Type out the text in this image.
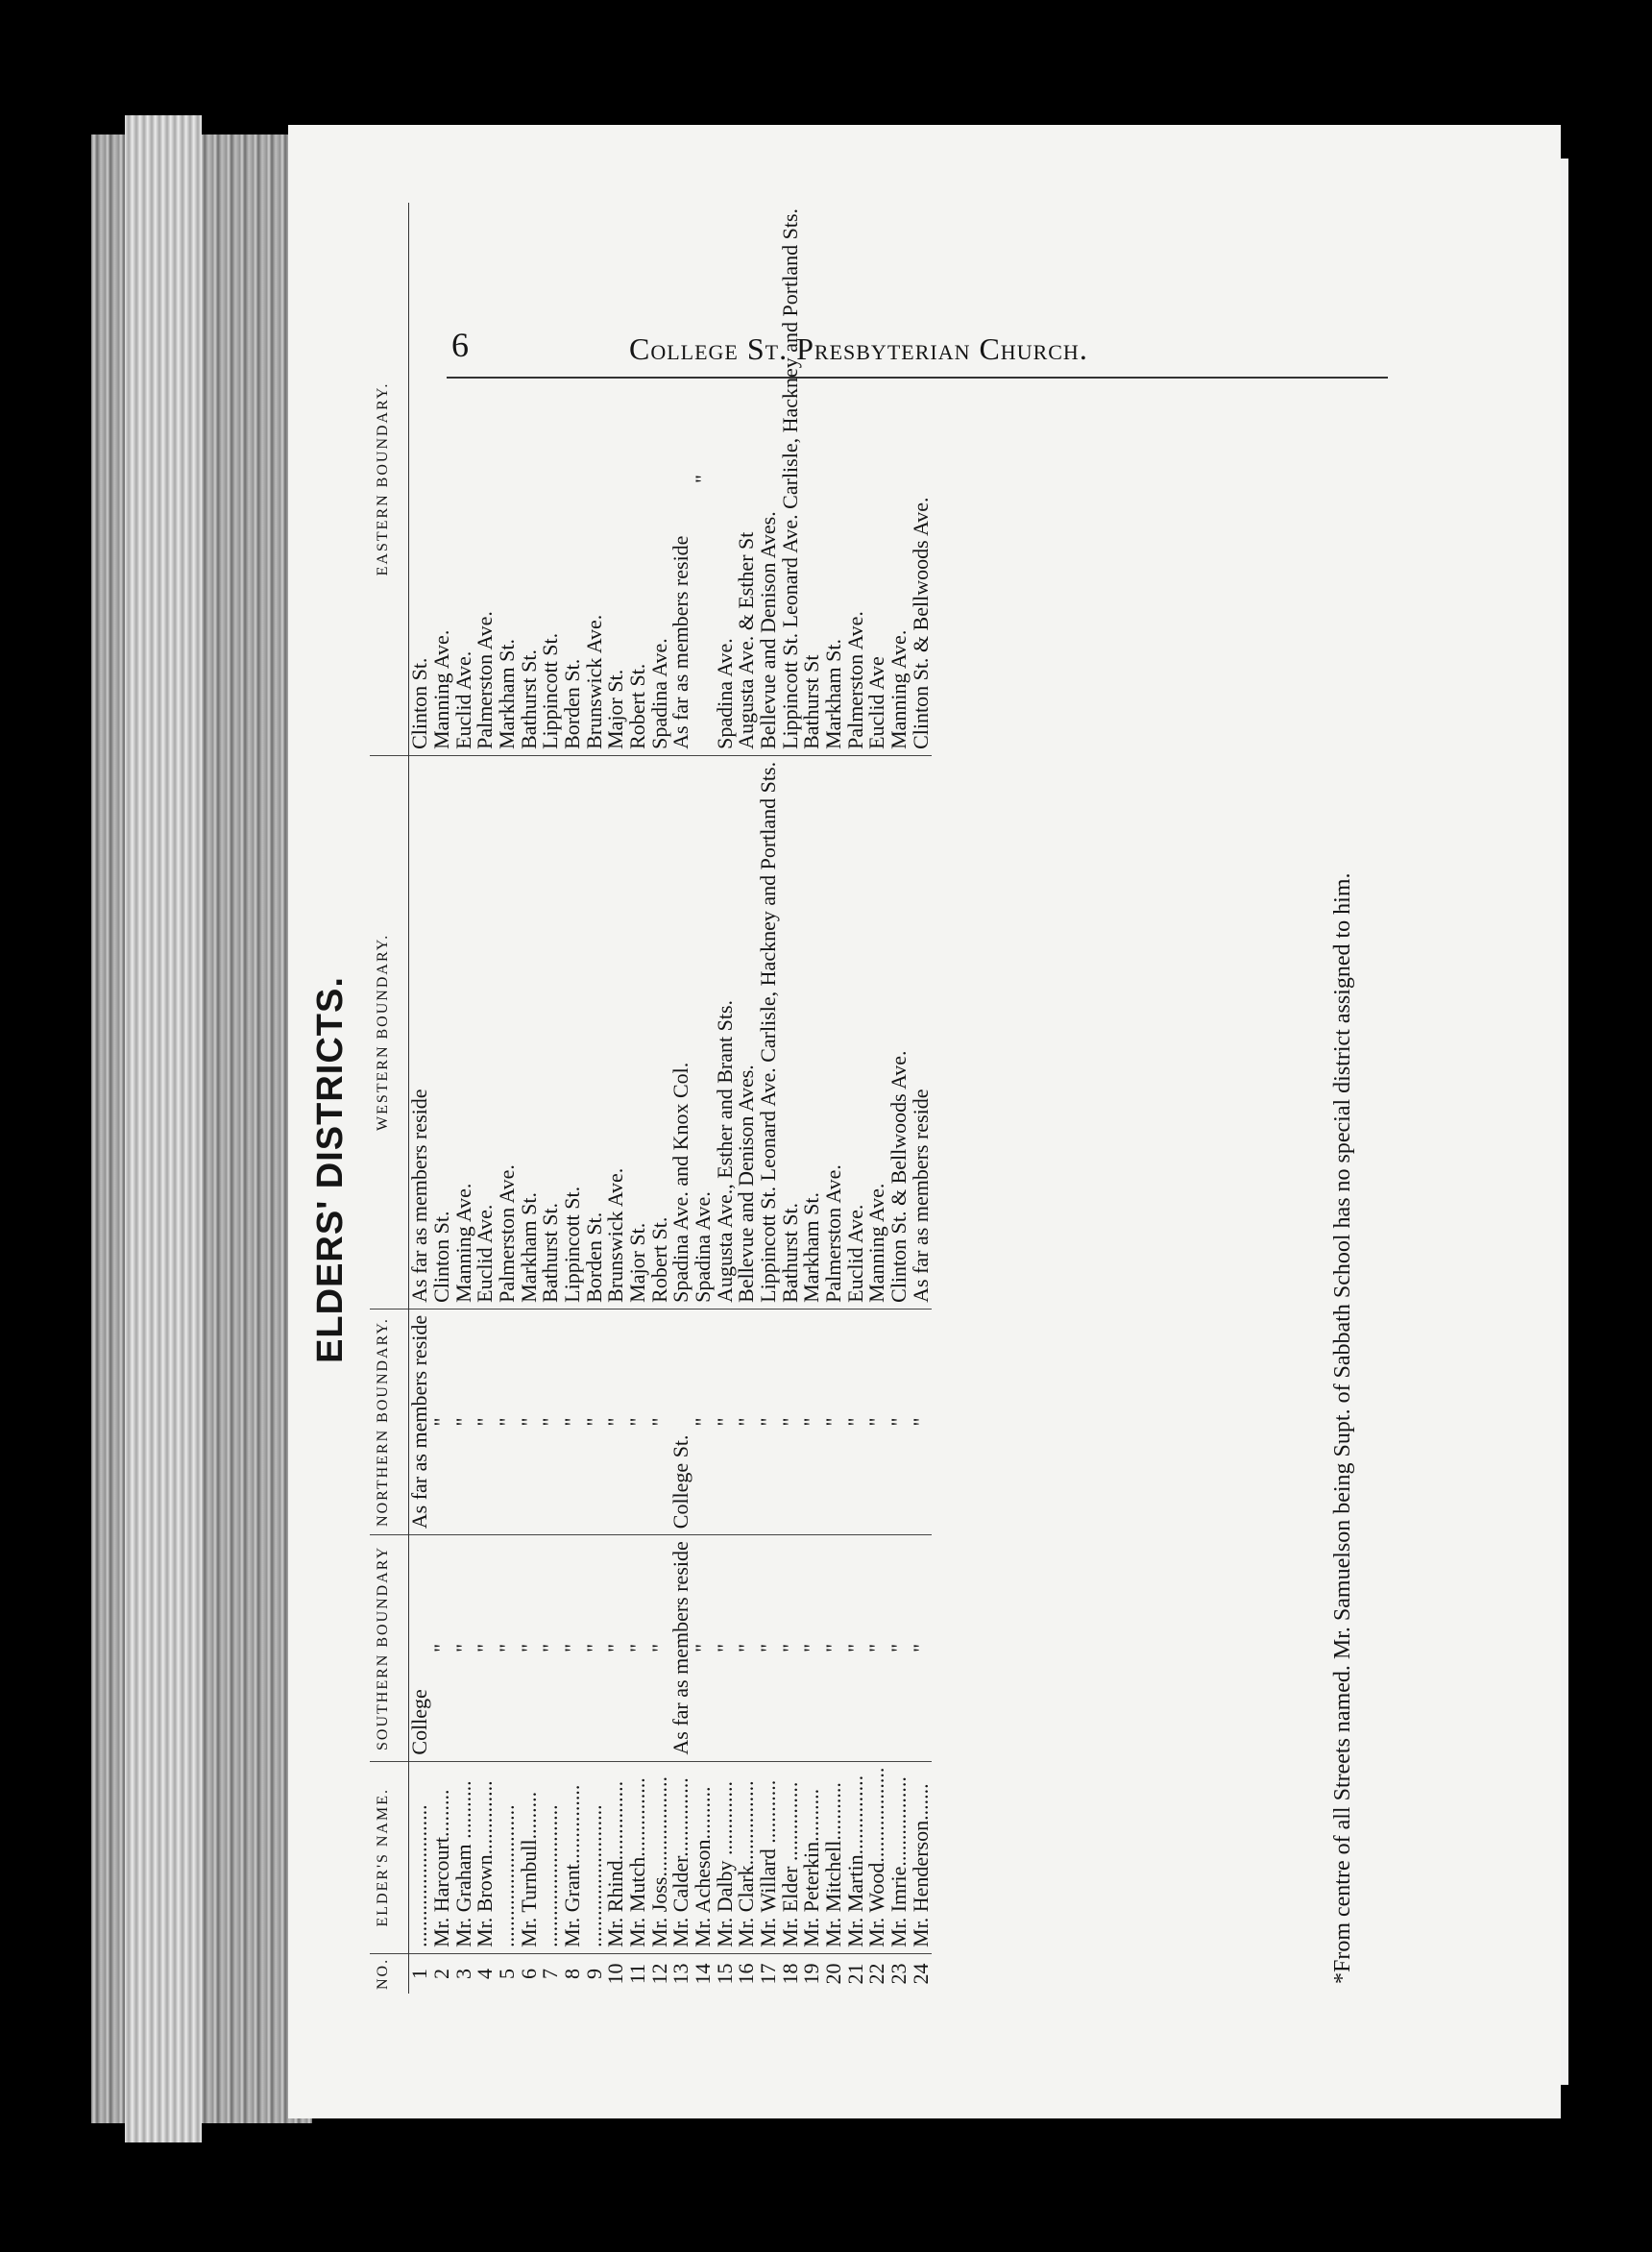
6	College St. Presbyterian Church.
ELDERS' DISTRICTS.
NO.	ELDER'S NAME.	SOUTHERN BOUNDARY	NORTHERN BOUNDARY.	WESTERN BOUNDARY.	EASTERN BOUNDARY.
1	...........................	College	As far as members reside	As far as members reside	Clinton St.
2	Mr. Harcourt.........	"	"	Clinton St.	Manning Ave.
3	Mr. Graham ...........	"	"	Manning Ave.	Euclid Ave.
4	Mr. Brown..............	"	"	Euclid Ave.	Palmerston Ave.
5	...........................	"	"	Palmerston Ave.	Markham St.
6	Mr. Turnbull.........	"	"	Markham St.	Bathurst St.
7	...........................	"	"	Bathurst St.	Lippincott St.
8	Mr. Grant...............	"	"	Lippincott St.	Borden St.
9	...........................	"	"	Borden St.	Brunswick Ave.
10	Mr. Rhind...............	"	"	Brunswick Ave.	Major St.
11	Mr. Mutch...............	"	"	Major St.	Robert St.
12	Mr. Joss...................	"	"	Robert St.	Spadina Ave.
13	Mr. Calder...............	As far as members reside	College St.	Spadina Ave. and Knox Col.	As far as members reside
14	Mr. Acheson..........	"	"	Spadina Ave.	"
15	Mr. Dalby ..............	"	"	Augusta Ave., Esther and Brant Sts.	Spadina Ave.
16	Mr. Clark................	"	"	Bellevue and Denison Aves.	Augusta Ave. & Esther St
17	Mr. Willard ............	"	"	Lippincott St. Leonard Ave. Carlisle, Hackney and Portland Sts.	Bellevue and Denison Aves.
18	Mr. Elder ...............	"	"	Bathurst St.	Lippincott St. Leonard Ave. Carlisle, Hackney and Portland Sts.
19	Mr. Peterkin..........	"	"	Markham St.	Bathurst St
20	Mr. Mitchell...........	"	"	Palmerston Ave.	Markham St.
21	Mr. Martin...............	"	"	Euclid Ave.	Palmerston Ave.
22	Mr. Wood..................	"	"	Manning Ave.	Euclid Ave
23	Mr. Imrie.................	"	"	Clinton St. & Bellwoods Ave.	Manning Ave.
24	Mr. Henderson.......	"	"	As far as members reside	Clinton St. & Bellwoods Ave.
*From centre of all Streets named. Mr. Samuelson being Supt. of Sabbath School has no special district assigned to him.
